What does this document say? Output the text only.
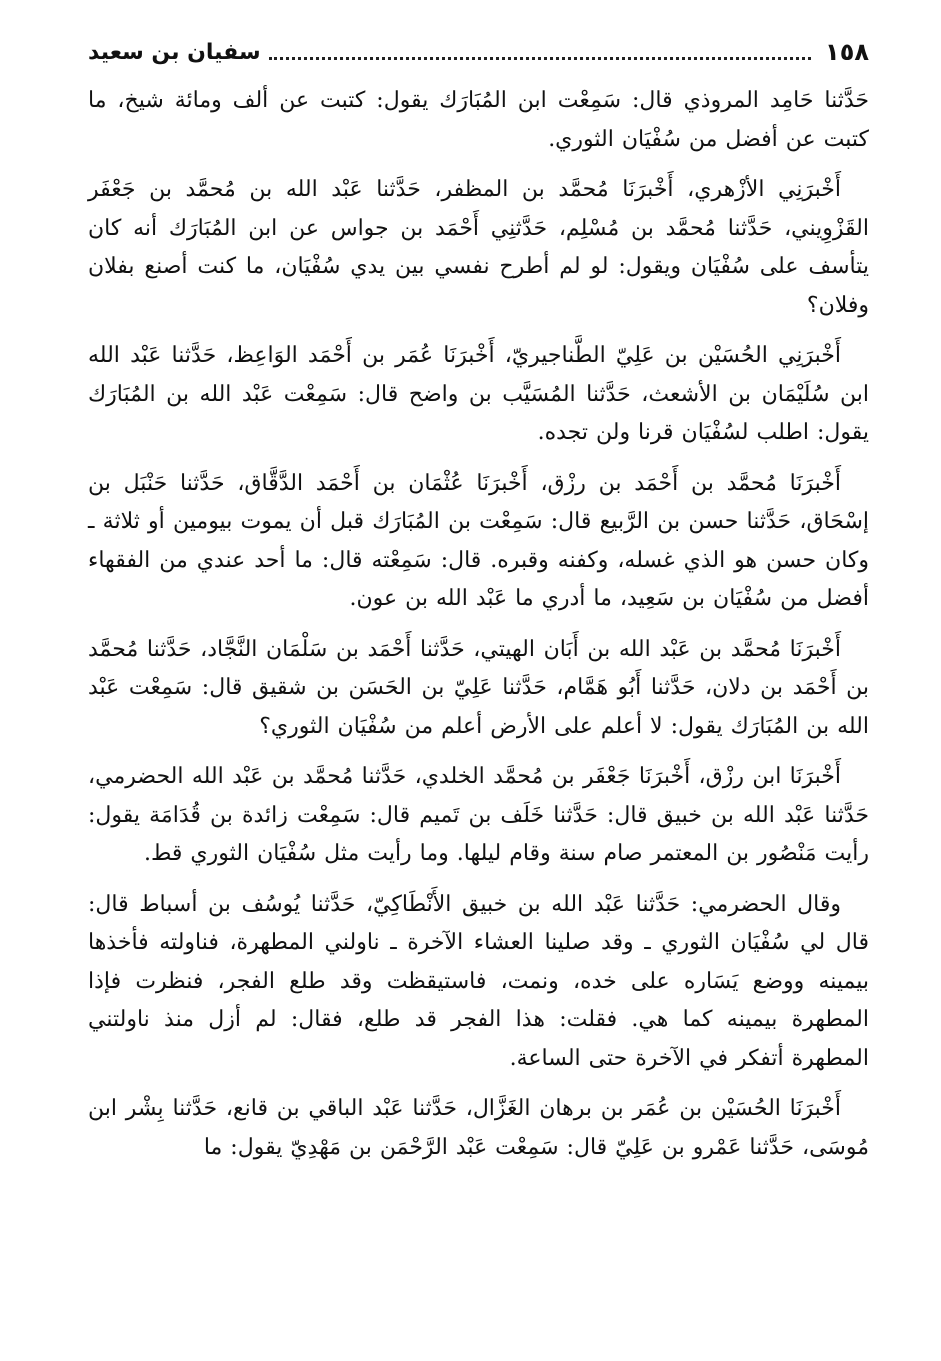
١٥٨
سفيان بن سعيد

حَدَّثنا حَامِد المروذي قال: سَمِعْت ابن المُبَارَك يقول: كتبت عن ألف ومائة شيخ، ما كتبت عن أفضل من سُفْيَان الثوري.

أَخْبرَنِي الأزْهري، أَخْبرَنَا مُحمَّد بن المظفر، حَدَّثنا عَبْد الله بن مُحمَّد بن جَعْفَر القَزْوِيني، حَدَّثنا مُحمَّد بن مُسْلِم، حَدَّثنِي أَحْمَد بن جواس عن ابن المُبَارَك أنه كان يتأسف على سُفْيَان ويقول: لو لم أطرح نفسي بين يدي سُفْيَان، ما كنت أصنع بفلان وفلان؟

أَخْبرَنِي الحُسَيْن بن عَلِيّ الطَّناجيريّ، أَخْبرَنَا عُمَر بن أَحْمَد الوَاعِظ، حَدَّثنا عَبْد الله ابن سُلَيْمَان بن الأشعث، حَدَّثنا المُسَيَّب بن واضح قال: سَمِعْت عَبْد الله بن المُبَارَك يقول: اطلب لسُفْيَان قرنا ولن تجده.

أَخْبرَنَا مُحمَّد بن أَحْمَد بن رزْق، أَخْبرَنَا عُثْمَان بن أَحْمَد الدَّقَّاق، حَدَّثنا حَنْبَل بن إسْحَاق، حَدَّثنا حسن بن الرَّبيع قال: سَمِعْت بن المُبَارَك قبل أن يموت بيومين أو ثلاثة ـ وكان حسن هو الذي غسله، وكفنه وقبره. قال: سَمِعْته قال: ما أحد عندي من الفقهاء أفضل من سُفْيَان بن سَعِيد، ما أدري ما عَبْد الله بن عون.

أَخْبرَنَا مُحمَّد بن عَبْد الله بن أَبَان الهيتي، حَدَّثنا أَحْمَد بن سَلْمَان النَّجَّاد، حَدَّثنا مُحمَّد بن أَحْمَد بن دلان، حَدَّثنا أَبُو هَمَّام، حَدَّثنا عَلِيّ بن الحَسَن بن شقيق قال: سَمِعْت عَبْد الله بن المُبَارَك يقول: لا أعلم على الأرض أعلم من سُفْيَان الثوري؟

أَخْبرَنَا ابن رزْق، أَخْبرَنَا جَعْفَر بن مُحمَّد الخلدي، حَدَّثنا مُحمَّد بن عَبْد الله الحضرمي، حَدَّثنا عَبْد الله بن خبيق قال: حَدَّثنا خَلَف بن تَميم قال: سَمِعْت زائدة بن قُدَامَة يقول: رأيت مَنْصُور بن المعتمر صام سنة وقام ليلها. وما رأيت مثل سُفْيَان الثوري قط.

وقال الحضرمي: حَدَّثنا عَبْد الله بن خبيق الأَنْطَاكِيّ، حَدَّثنا يُوسُف بن أسباط قال: قال لي سُفْيَان الثوري ـ وقد صلينا العشاء الآخرة ـ ناولني المطهرة، فناولته فأخذها بيمينه ووضع يَسَاره على خده، ونمت، فاستيقظت وقد طلع الفجر، فنظرت فإذا المطهرة بيمينه كما هي. فقلت: هذا الفجر قد طلع، فقال: لم أزل منذ ناولتني المطهرة أتفكر في الآخرة حتى الساعة.

أَخْبرَنَا الحُسَيْن بن عُمَر بن برهان الغَزَّال، حَدَّثنا عَبْد الباقي بن قانع، حَدَّثنا بِشْر ابن مُوسَى، حَدَّثنا عَمْرو بن عَلِيّ قال: سَمِعْت عَبْد الرَّحْمَن بن مَهْدِيّ يقول: ما
